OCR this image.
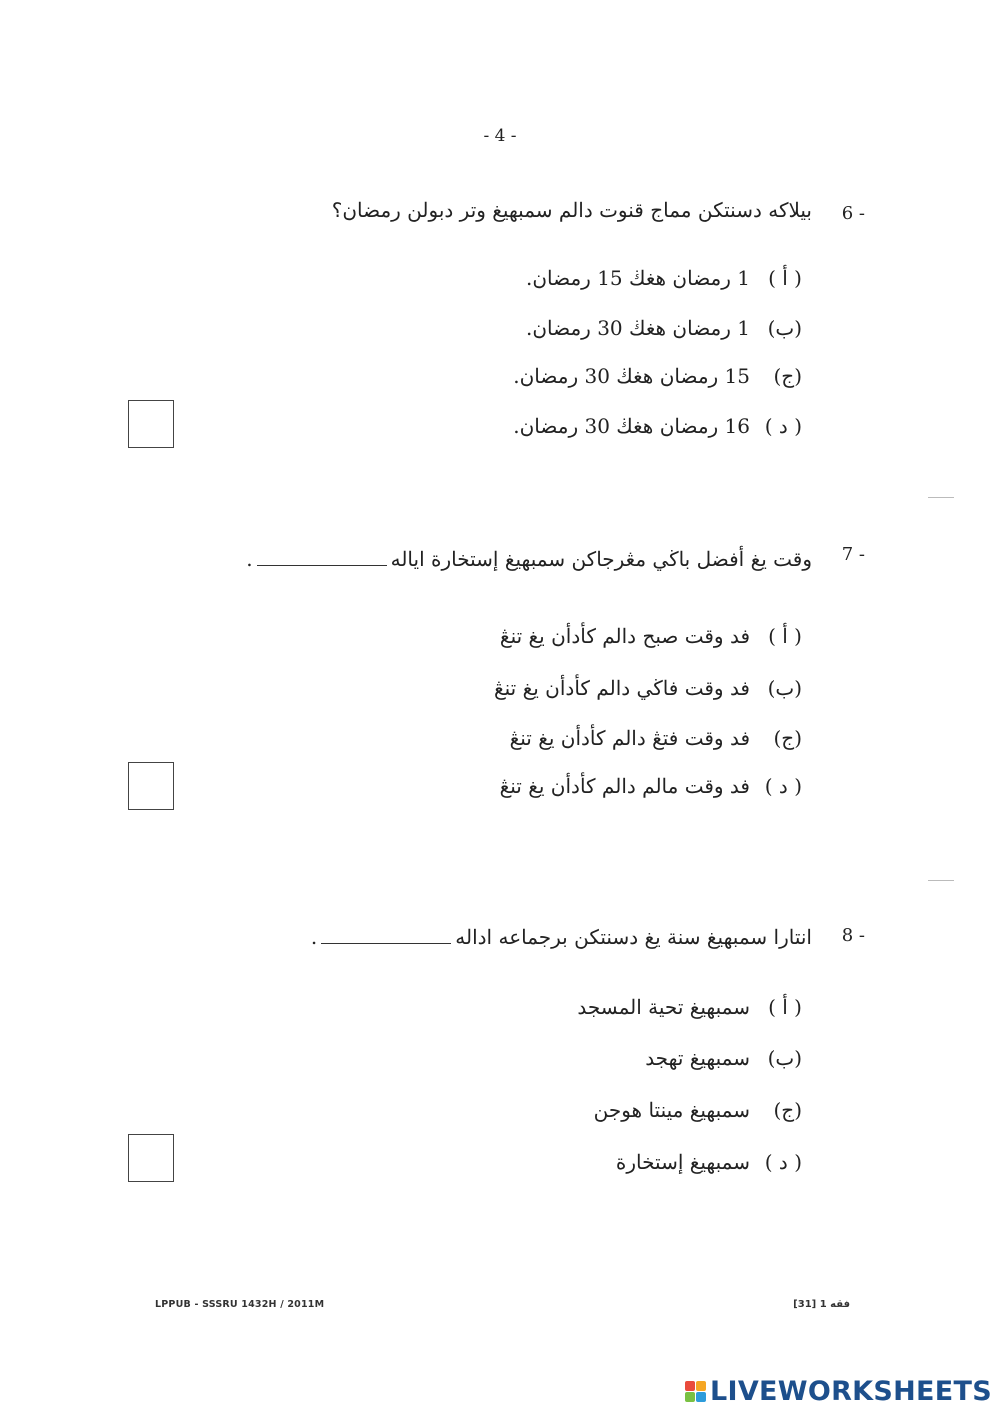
- 4 -
6 -
بيلاکه دسنتکن مماج قنوت دالم سمبهيغ وتر دبولن رمضان؟
( أ )1 رمضان هغڬ 15 رمضان.
(ب)1 رمضان هغڬ 30 رمضان.
(ج)15 رمضان هغڬ 30 رمضان.
( د )16 رمضان هغڬ 30 رمضان.
7 -
وقت يغ أفضل باڬي مڠرجاکن سمبهيغ إستخارة اياله.
( أ )فد وقت صبح دالم کأدأن يغ تنڠ
(ب)فد وقت فاڬي دالم کأدأن يغ تنڠ
(ج)فد وقت فتڠ دالم کأدأن يغ تنڠ
( د )فد وقت مالم دالم کأدأن يغ تنڠ
8 -
انتارا سمبهيغ سنة يغ دسنتکن برجماعه اداله.
( أ )سمبهيغ تحية المسجد
(ب)سمبهيغ تهجد
(ج)سمبهيغ مينتا هوجن
( د )سمبهيغ إستخارة
LPPUB - SSSRU 1432H / 2011M	فقه 1 [31]
LIVEWORKSHEETS
